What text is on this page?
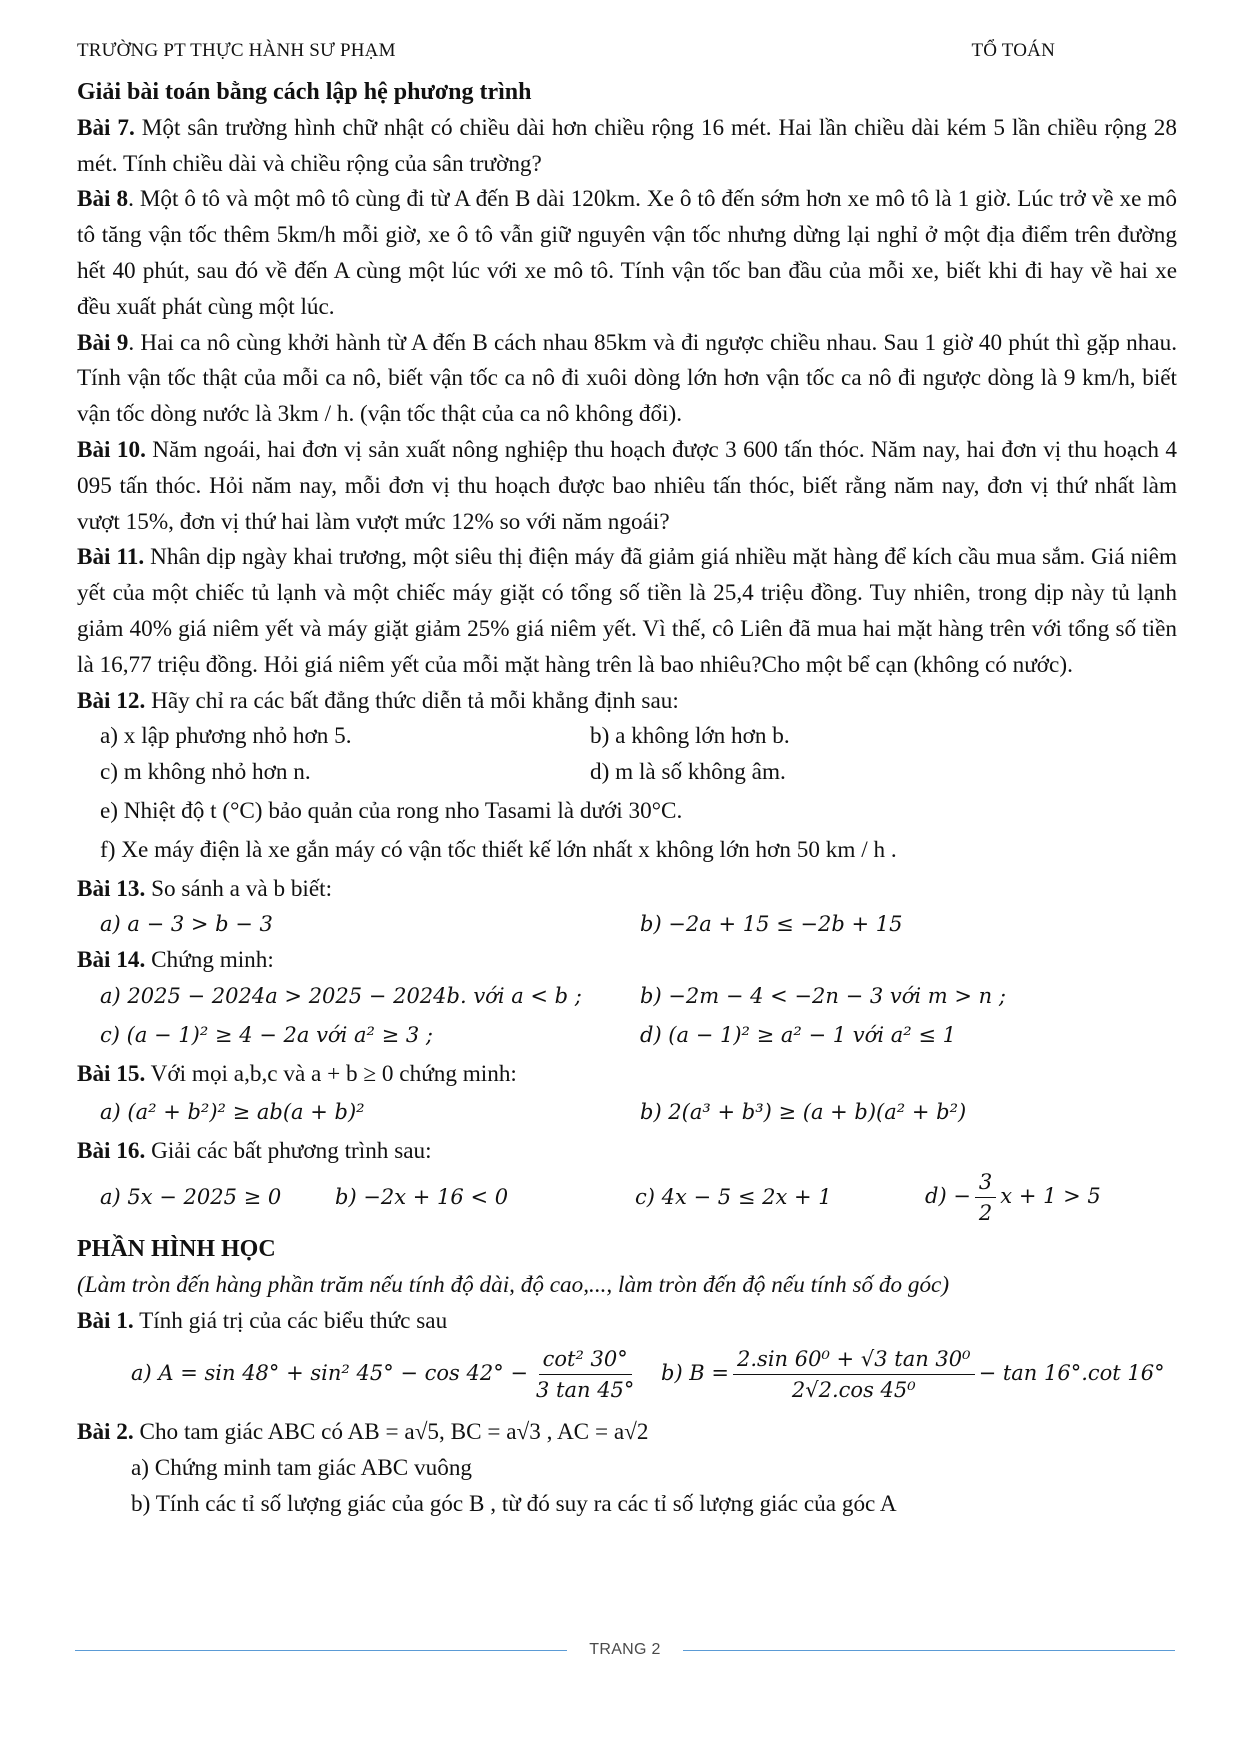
TRƯỜNG PT THỰC HÀNH SƯ PHẠM	TỔ TOÁN

Giải bài toán bằng cách lập hệ phương trình

Bài 7. Một sân trường hình chữ nhật có chiều dài hơn chiều rộng 16 mét. Hai lần chiều dài kém 5 lần chiều rộng 28 mét. Tính chiều dài và chiều rộng của sân trường?

Bài 8. Một ô tô và một mô tô cùng đi từ A đến B dài 120km. Xe ô tô đến sớm hơn xe mô tô là 1 giờ. Lúc trở về xe mô tô tăng vận tốc thêm 5km/h mỗi giờ, xe ô tô vẫn giữ nguyên vận tốc nhưng dừng lại nghỉ ở một địa điểm trên đường hết 40 phút, sau đó về đến A cùng một lúc với xe mô tô. Tính vận tốc ban đầu của mỗi xe, biết khi đi hay về hai xe đều xuất phát cùng một lúc.

Bài 9. Hai ca nô cùng khởi hành từ A đến B cách nhau 85km và đi ngược chiều nhau. Sau 1 giờ 40 phút thì gặp nhau. Tính vận tốc thật của mỗi ca nô, biết vận tốc ca nô đi xuôi dòng lớn hơn vận tốc ca nô đi ngược dòng là 9 km/h, biết vận tốc dòng nước là 3km / h. (vận tốc thật của ca nô không đổi).

Bài 10. Năm ngoái, hai đơn vị sản xuất nông nghiệp thu hoạch được 3 600 tấn thóc. Năm nay, hai đơn vị thu hoạch 4 095 tấn thóc. Hỏi năm nay, mỗi đơn vị thu hoạch được bao nhiêu tấn thóc, biết rằng năm nay, đơn vị thứ nhất làm vượt 15%, đơn vị thứ hai làm vượt mức 12% so với năm ngoái?

Bài 11. Nhân dịp ngày khai trương, một siêu thị điện máy đã giảm giá nhiều mặt hàng để kích cầu mua sắm. Giá niêm yết của một chiếc tủ lạnh và một chiếc máy giặt có tổng số tiền là 25,4 triệu đồng. Tuy nhiên, trong dịp này tủ lạnh giảm 40% giá niêm yết và máy giặt giảm 25% giá niêm yết. Vì thế, cô Liên đã mua hai mặt hàng trên với tổng số tiền là 16,77 triệu đồng. Hỏi giá niêm yết của mỗi mặt hàng trên là bao nhiêu?Cho một bể cạn (không có nước).

Bài 12. Hãy chỉ ra các bất đẳng thức diễn tả mỗi khẳng định sau:

a) x lập phương nhỏ hơn 5.	b) a không lớn hơn b.
c) m không nhỏ hơn n.	d) m là số không âm.
e) Nhiệt độ t (°C) bảo quản của rong nho Tasami là dưới 30°C.
f) Xe máy điện là xe gắn máy có vận tốc thiết kế lớn nhất x không lớn hơn 50 km / h .

Bài 13. So sánh a và b biết:

a) a − 3 > b − 3	b) −2a + 15 ≤ −2b + 15

Bài 14. Chứng minh:

a) 2025 − 2024a > 2025 − 2024b. với a < b ;	b) −2m − 4 < −2n − 3 với m > n ;
c) (a − 1)² ≥ 4 − 2a với a² ≥ 3 ;	d) (a − 1)² ≥ a² − 1 với a² ≤ 1

Bài 15. Với mọi a,b,c và a + b ≥ 0 chứng minh:

a) (a² + b²)² ≥ ab(a + b)²	b) 2(a³ + b³) ≥ (a + b)(a² + b²)

Bài 16. Giải các bất phương trình sau:

a) 5x − 2025 ≥ 0	b) −2x + 16 < 0	c) 4x − 5 ≤ 2x + 1	$d) - \frac{3}{2}$ x + 1 > 5

PHẦN HÌNH HỌC

(Làm tròn đến hàng phần trăm nếu tính độ dài, độ cao,..., làm tròn đến độ nếu tính số đo góc)

Bài 1. Tính giá trị của các biểu thức sau

a) A = sin 48° + sin² $45^\circ - \cos 42^\circ - \frac{\text{cot² 30°}}{3 \tan 45^\circ} b$) $B = \frac{\text{2.sin 60⁰ + √3 tan 30⁰}}{\text{2√2.cos 45⁰}} - \tan 16^\circ.\cot$ 16°

Bài 2. Cho tam giác ABC có AB = a√5, BC = a√3 , AC = a√2

a) Chứng minh tam giác ABC vuông
b) Tính các tỉ số lượng giác của góc B , từ đó suy ra các tỉ số lượng giác của góc A
TRANG 2
